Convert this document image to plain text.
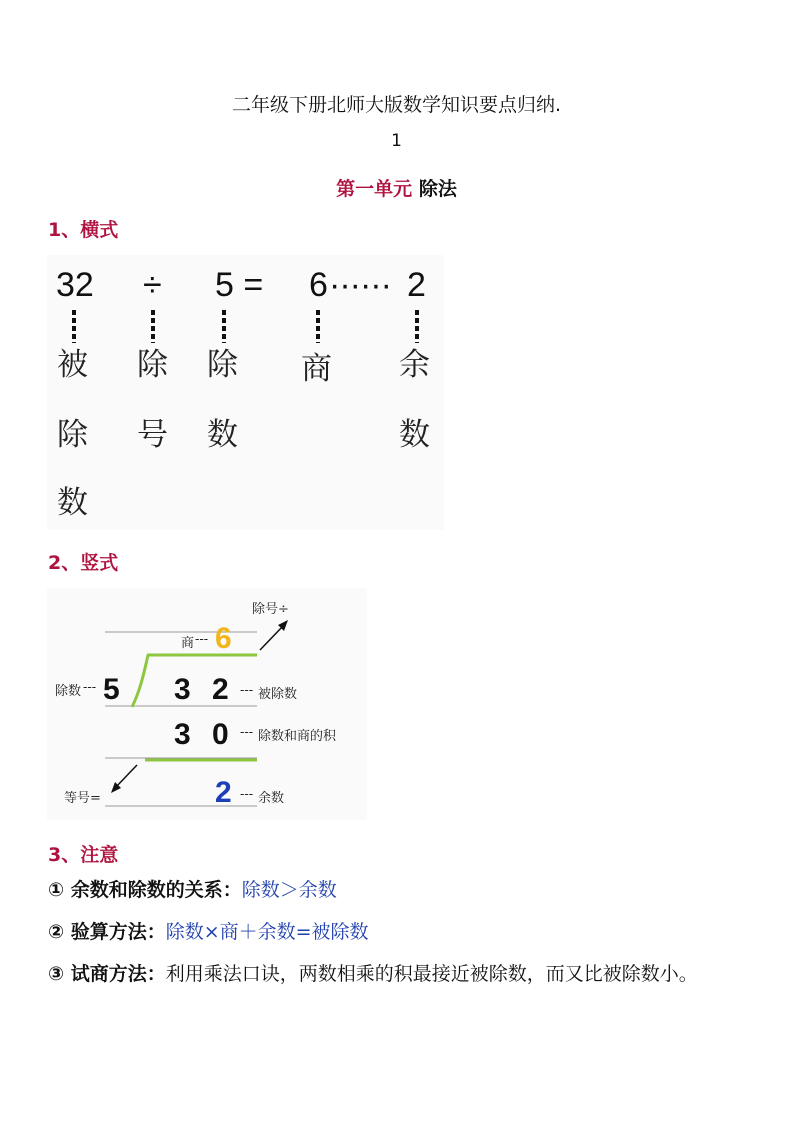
二年级下册北师大版数学知识要点归纳.
1
第一单元 除法
1、横式
32 ÷ 5 = 6 ······ 2
被
除
数
除
号
除
数
商 余
数
2、竖式
除号÷
商 --- 6
除数 --- 5 3 2 --- 被除数
3 0 --- 除数和商的积
等号=	2 --- 余数
3、注意
① 余数和除数的关系：除数＞余数
② 验算方法：除数×商＋余数=被除数
③ 试商方法：利用乘法口诀，两数相乘的积最接近被除数，而又比被除数小。
